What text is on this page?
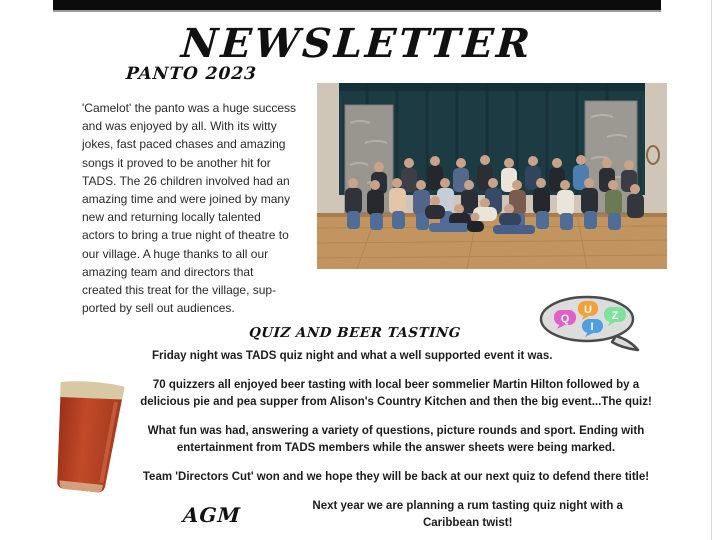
NEWSLETTER
PANTO 2023
'Camelot' the panto was a huge success
and was enjoyed by all. With its witty
jokes, fast paced chases and amazing
songs it proved to be another hit for
TADS. The 26 children involved had an
amazing time and were joined by many
new and returning locally talented
actors to bring a true night of theatre to
our village. A huge thanks to all our
amazing team and directors that
created this treat for the village, sup-
ported by sell out audiences.
QUIZ AND BEER TASTING
Friday night was TADS quiz night and what a well supported event it was.
70 quizzers all enjoyed beer tasting with local beer sommelier Martin Hilton followed by a
delicious pie and pea supper from Alison's Country Kitchen and then the big event...The quiz!
What fun was had, answering a variety of questions, picture rounds and sport. Ending with
entertainment from TADS members while the answer sheets were being marked.
Team 'Directors Cut' won and we hope they will be back at our next quiz to defend there title!
Next year we are planning a rum tasting quiz night with a
Caribbean twist!
Q
U
I
Z
AGM
